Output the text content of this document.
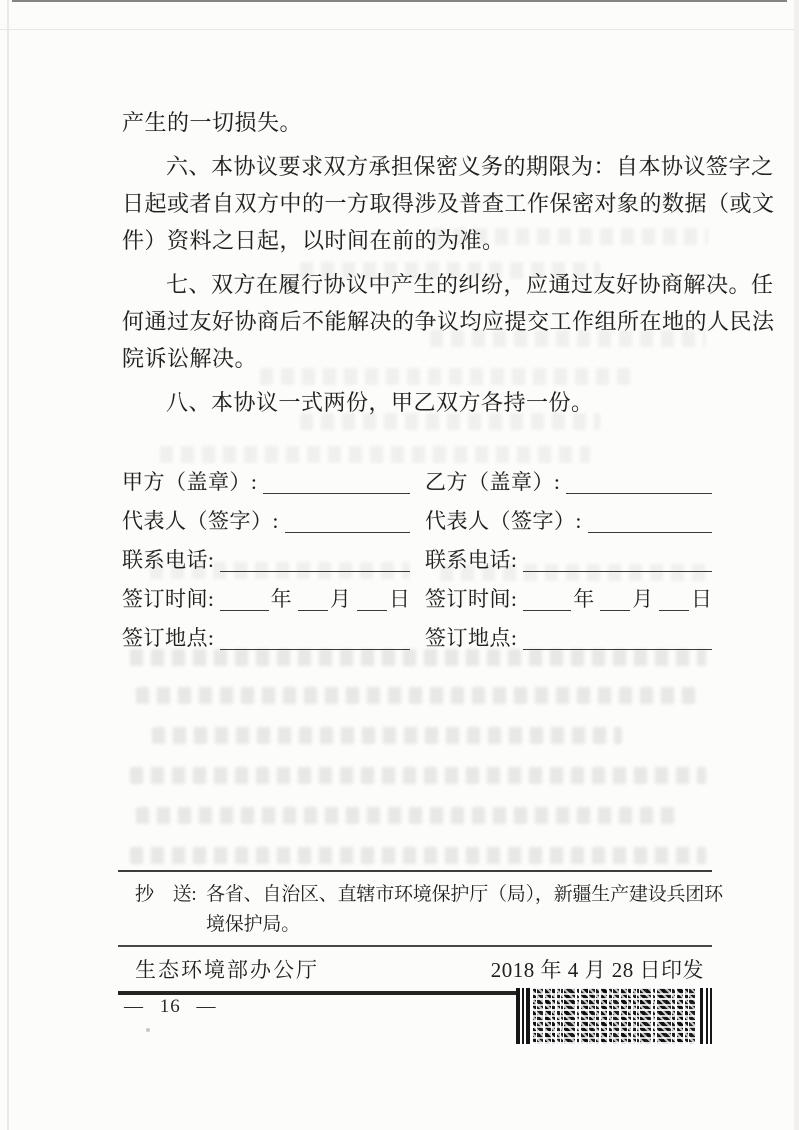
产生的一切损失。
六、本协议要求双方承担保密义务的期限为：自本协议签字之
日起或者自双方中的一方取得涉及普查工作保密对象的数据（或文
件）资料之日起，以时间在前的为准。
七、双方在履行协议中产生的纠纷，应通过友好协商解决。任
何通过友好协商后不能解决的争议均应提交工作组所在地的人民法
院诉讼解决。
八、本协议一式两份，甲乙双方各持一份。
甲方（盖章）:	乙方（盖章）:
代表人（签字）:	代表人（签字）:
联系电话:	联系电话:
签订时间:	年 月 日 签订时间:	年 月 日
签订地点:	签订地点:
抄　送: 各省、自治区、直辖市环境保护厅（局），新疆生产建设兵团环
境保护局。
生态环境部办公厅	2018 年 4 月 28 日印发
— 16 —
